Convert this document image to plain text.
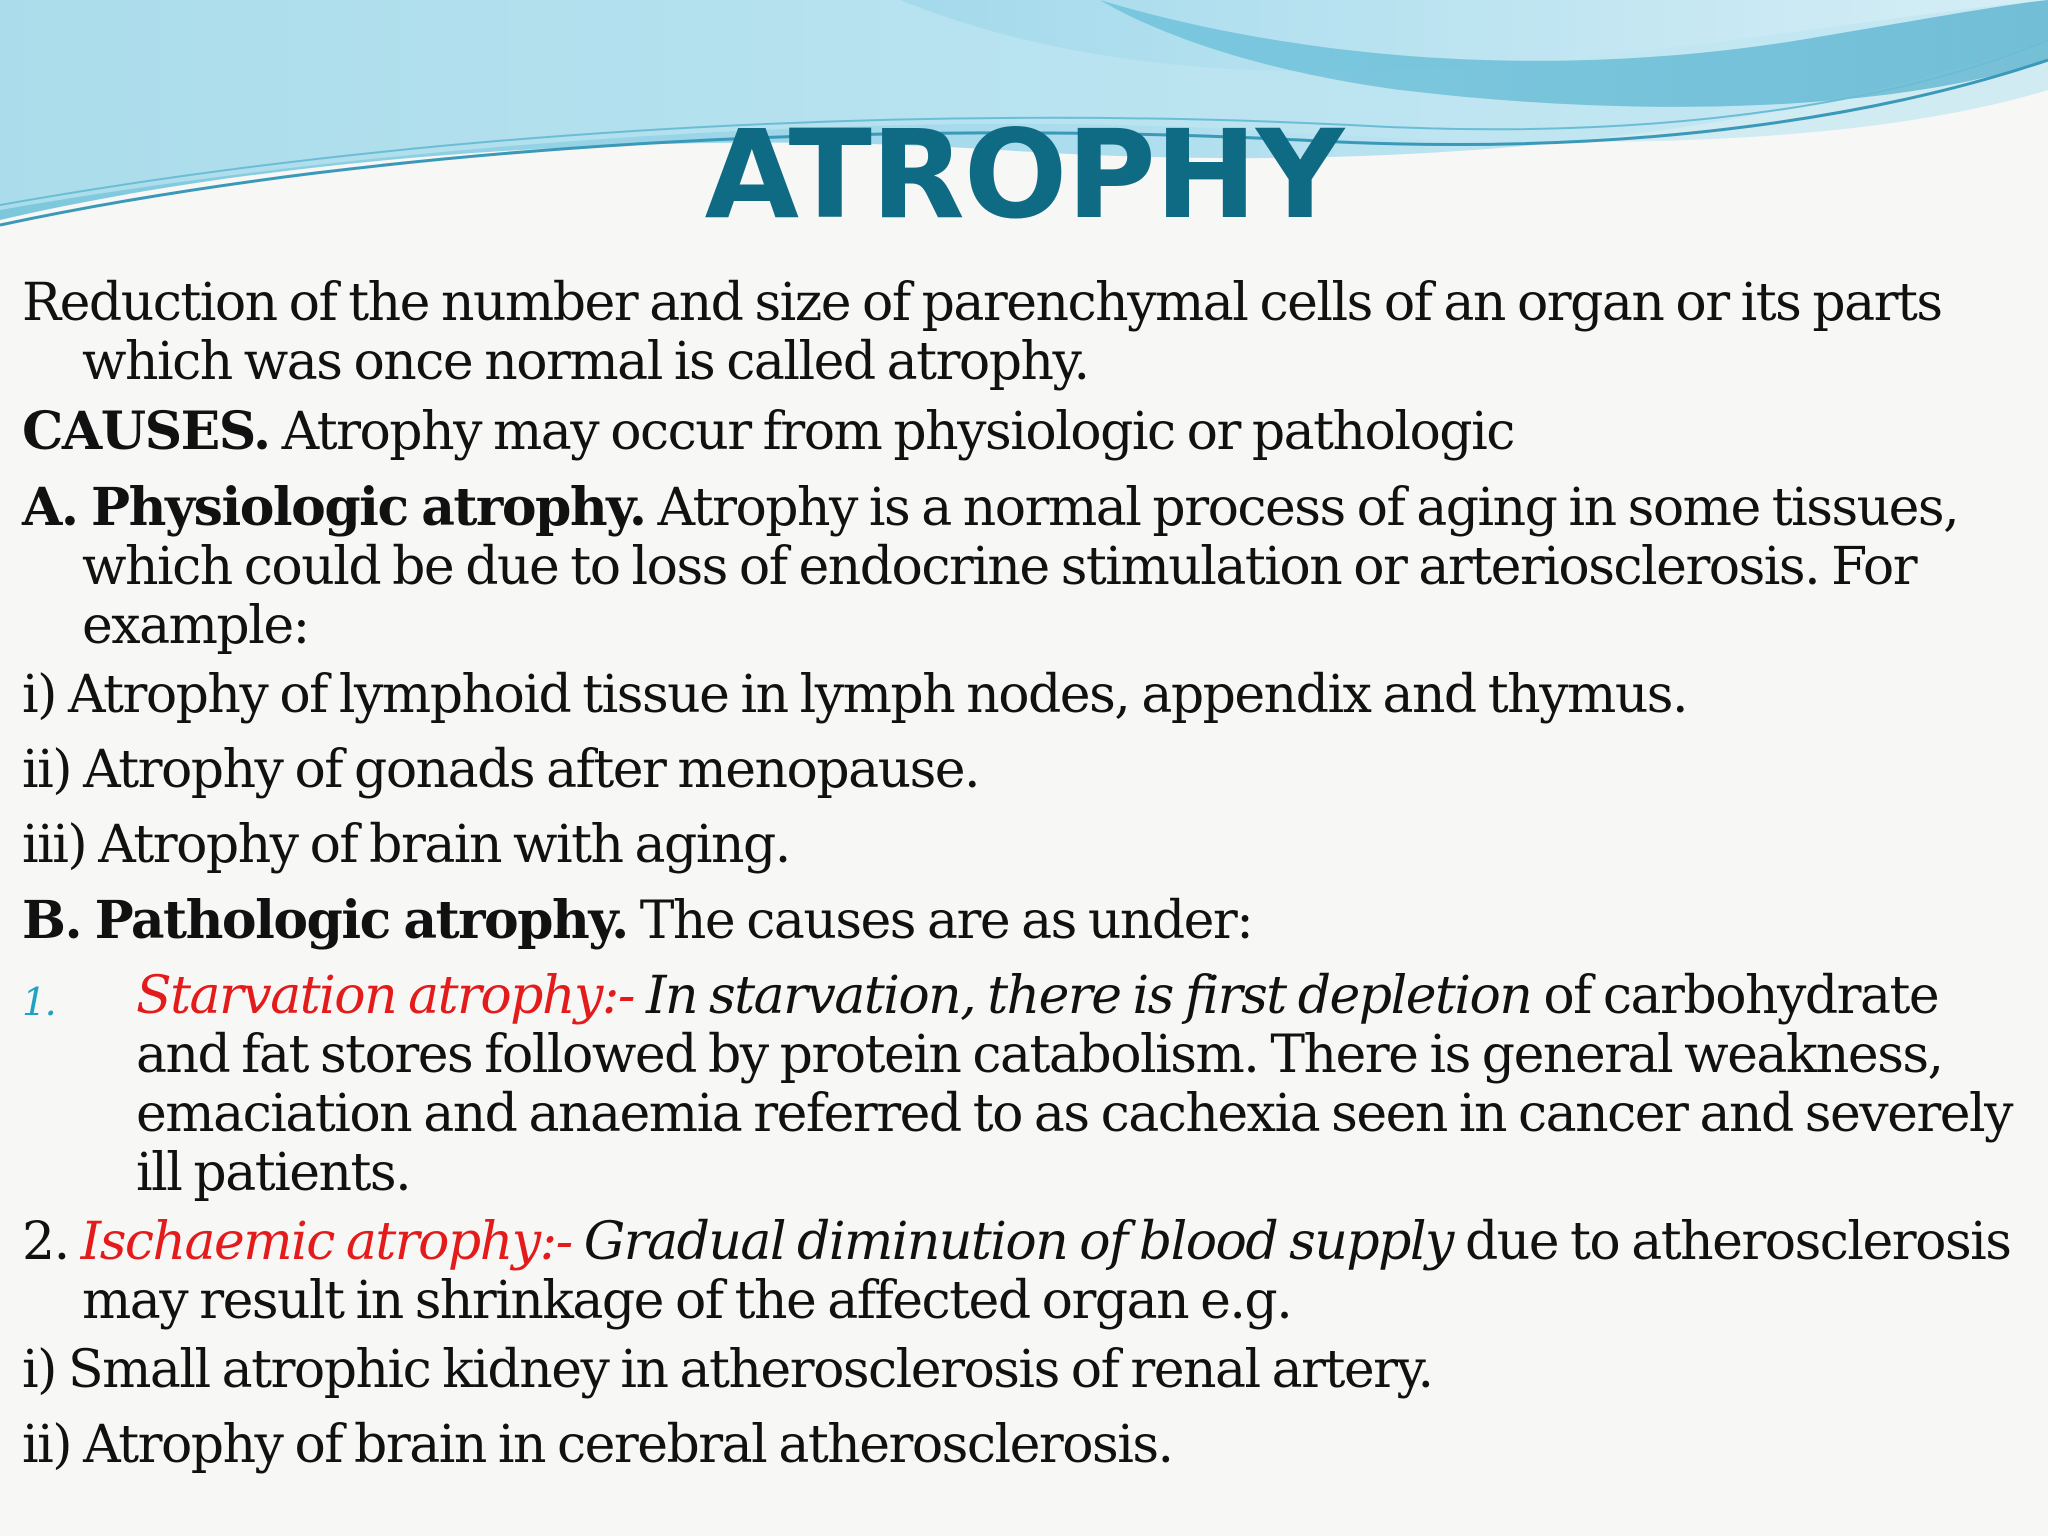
ATROPHY

Reduction of the number and size of parenchymal cells of an organ or its parts which was once normal is called atrophy.

CAUSES. Atrophy may occur from physiologic or pathologic

A. Physiologic atrophy. Atrophy is a normal process of aging in some tissues, which could be due to loss of endocrine stimulation or arteriosclerosis. For example:

i) Atrophy of lymphoid tissue in lymph nodes, appendix and thymus.

ii) Atrophy of gonads after menopause.

iii) Atrophy of brain with aging.

B. Pathologic atrophy. The causes are as under:

1. Starvation atrophy:- In starvation, there is first depletion of carbohydrate and fat stores followed by protein catabolism. There is general weakness, emaciation and anaemia referred to as cachexia seen in cancer and severely ill patients.

2. Ischaemic atrophy:- Gradual diminution of blood supply due to atherosclerosis may result in shrinkage of the affected organ e.g.

i) Small atrophic kidney in atherosclerosis of renal artery.

ii) Atrophy of brain in cerebral atherosclerosis.
